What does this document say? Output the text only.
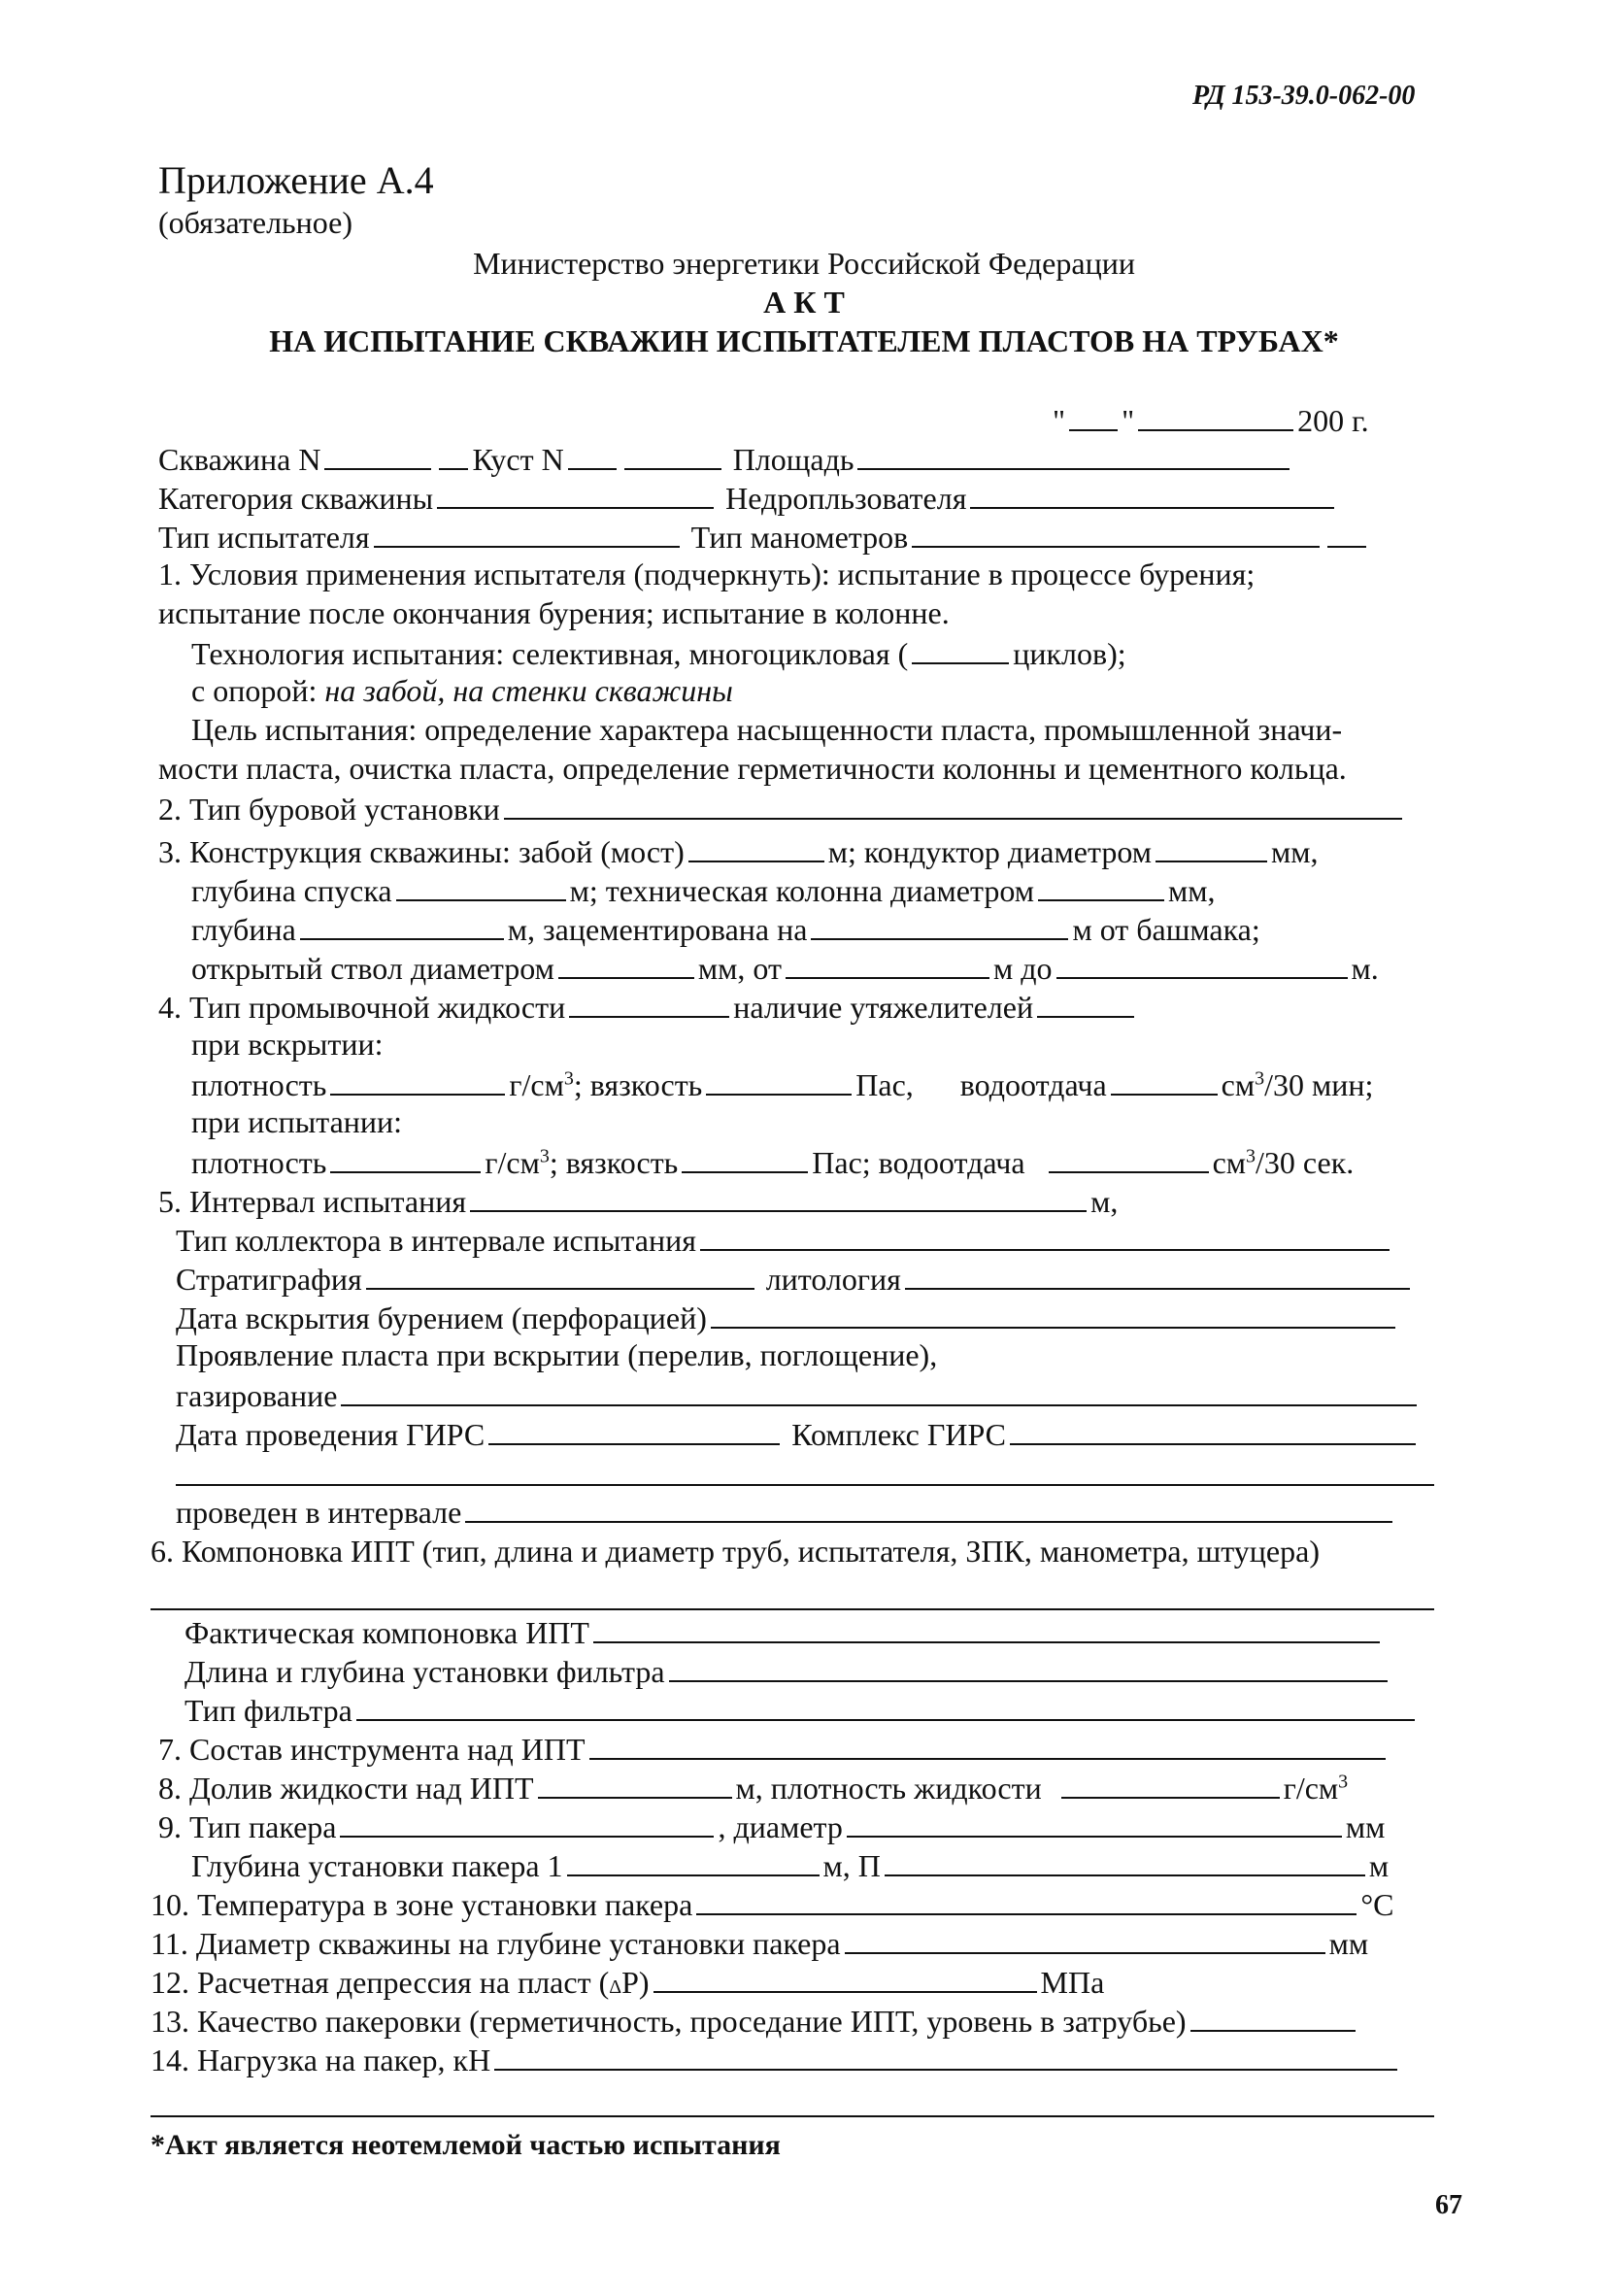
РД 153-39.0-062-00
Приложение А.4
(обязательное)
Министерство энергетики Российской Федерации
А К Т
НА ИСПЫТАНИЕ СКВАЖИН ИСПЫТАТЕЛЕМ ПЛАСТОВ НА ТРУБАХ*
" "	200 г.
Скважина N	Куст N	Площадь
Категория скважины	Недропльзователя
Тип испытателя	Тип манометров
1. Условия применения испытателя (подчеркнуть): испытание в процессе бурения;
испытание после окончания бурения; испытание в колонне.
Технология испытания: селективная, многоцикловая (	циклов);
с опорой: на забой, на стенки скважины
Цель испытания: определение характера насыщенности пласта, промышленной значи-
мости пласта, очистка пласта, определение герметичности колонны и цементного кольца.
2. Тип буровой установки
3. Конструкция скважины: забой (мост)	м; кондуктор диаметром	мм,
глубина спуска	м; техническая колонна диаметром	мм,
глубина	м, зацементирована на	м от башмака;
открытый ствол диаметром	мм, от	м до	м.
4. Тип промывочной жидкости	наличие утяжелителей
при вскрытии:
плотность	$г/см^3$; вязкость	Пас, водоотдача	$см^3/30$ мин;
при испытании:
плотность	$г/см^3$; вязкость	Пас; водоотдача	$см^3/30$ сек.
5. Интервал испытания	м,
Тип коллектора в интервале испытания
Стратиграфия	литология
Дата вскрытия бурением (перфорацией)
Проявление пласта при вскрытии (перелив, поглощение),
газирование
Дата проведения ГИРС	Комплекс ГИРС
проведен в интервале
6. Компоновка ИПТ (тип, длина и диаметр труб, испытателя, ЗПК, манометра, штуцера)
Фактическая компоновка ИПТ
Длина и глубина установки фильтра
Тип фильтра
7. Состав инструмента над ИПТ
8. Долив жидкости над ИПТ	м, плотность жидкости	$г/см^3$
9. Тип пакера	, диаметр	мм
Глубина установки пакера 1	м, П	м
10. Температура в зоне установки пакера	°С
11. Диаметр скважины на глубине установки пакера	мм
12. Расчетная депрессия на пласт (ΔР)	МПа
13. Качество пакеровки (герметичность, проседание ИПТ, уровень в затрубье)
14. Нагрузка на пакер, кН
*Акт является неотемлемой частью испытания
67
